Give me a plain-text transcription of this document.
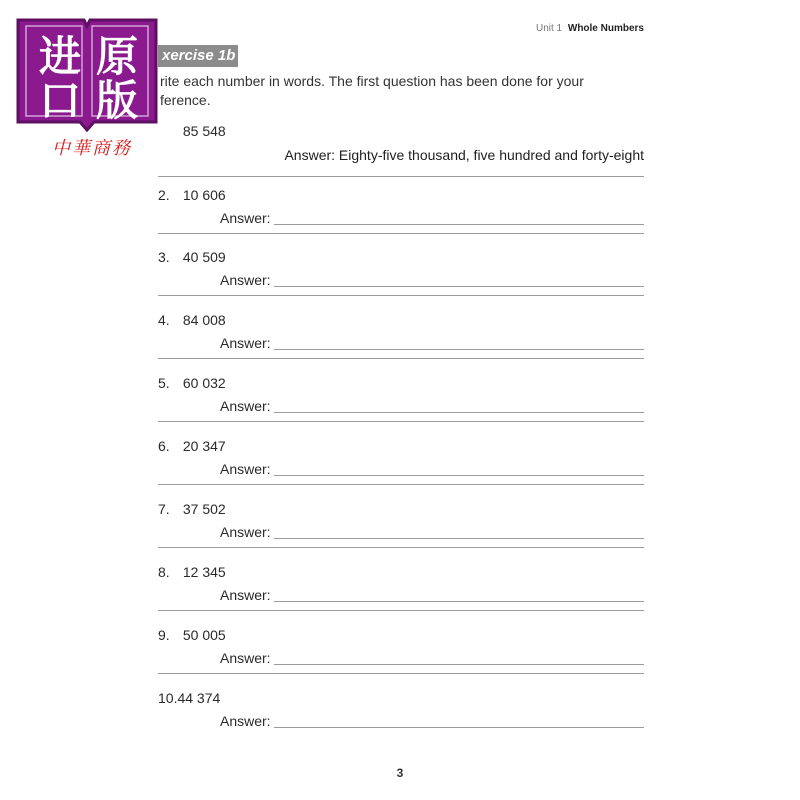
Unit 1 Whole Numbers
xercise 1b
rite each number in words. The first question has been done for your
ference.
进 原
口 版
中華商務
85 548
Answer: Eighty-five thousand, five hundred and forty-eight
2. 10 606
Answer:
3. 40 509
Answer:
4. 84 008
Answer:
5. 60 032
Answer:
6. 20 347
Answer:
7. 37 502
Answer:
8. 12 345
Answer:
9. 50 005
Answer:
10.44 374
Answer:
3
